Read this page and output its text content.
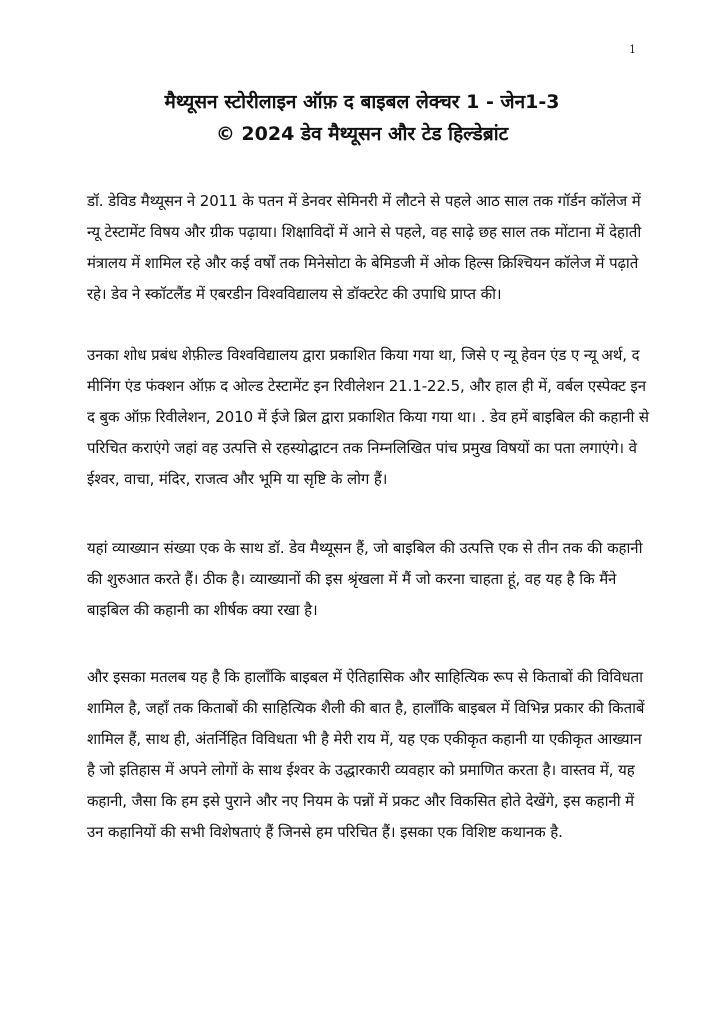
1

मैथ्यूसन स्टोरीलाइन ऑफ़ द बाइबल लेक्चर 1 - जेन1-3

© 2024 डेव मैथ्यूसन और टेड हिल्डेब्रांट

डॉ. डेविड मैथ्यूसन ने 2011 के पतन में डेनवर सेमिनरी में लौटने से पहले आठ साल तक गॉर्डन कॉलेज में न्यू टेस्टामेंट विषय और ग्रीक पढ़ाया। शिक्षाविदों में आने से पहले, वह साढ़े छह साल तक मोंटाना में देहाती मंत्रालय में शामिल रहे और कई वर्षों तक मिनेसोटा के बेमिडजी में ओक हिल्स क्रिश्चियन कॉलेज में पढ़ाते रहे। डेव ने स्कॉटलैंड में एबरडीन विश्वविद्यालय से डॉक्टरेट की उपाधि प्राप्त की।

उनका शोध प्रबंध शेफ़ील्ड विश्वविद्यालय द्वारा प्रकाशित किया गया था, जिसे ए न्यू हेवन एंड ए न्यू अर्थ, द मीनिंग एंड फंक्शन ऑफ़ द ओल्ड टेस्टामेंट इन रिवीलेशन 21.1-22.5, और हाल ही में, वर्बल एस्पेक्ट इन द बुक ऑफ़ रिवीलेशन, 2010 में ईजे ब्रिल द्वारा प्रकाशित किया गया था। . डेव हमें बाइबिल की कहानी से परिचित कराएंगे जहां वह उत्पत्ति से रहस्योद्घाटन तक निम्नलिखित पांच प्रमुख विषयों का पता लगाएंगे। वे ईश्वर, वाचा, मंदिर, राजत्व और भूमि या सृष्टि के लोग हैं।

यहां व्याख्यान संख्या एक के साथ डॉ. डेव मैथ्यूसन हैं, जो बाइबिल की उत्पत्ति एक से तीन तक की कहानी की शुरुआत करते हैं। ठीक है। व्याख्यानों की इस श्रृंखला में मैं जो करना चाहता हूं, वह यह है कि मैंने बाइबिल की कहानी का शीर्षक क्या रखा है।

और इसका मतलब यह है कि हालाँकि बाइबल में ऐतिहासिक और साहित्यिक रूप से किताबों की विविधता शामिल है, जहाँ तक किताबों की साहित्यिक शैली की बात है, हालाँकि बाइबल में विभिन्न प्रकार की किताबें शामिल हैं, साथ ही, अंतर्निहित विविधता भी है मेरी राय में, यह एक एकीकृत कहानी या एकीकृत आख्यान है जो इतिहास में अपने लोगों के साथ ईश्वर के उद्धारकारी व्यवहार को प्रमाणित करता है। वास्तव में, यह कहानी, जैसा कि हम इसे पुराने और नए नियम के पन्नों में प्रकट और विकसित होते देखेंगे, इस कहानी में उन कहानियों की सभी विशेषताएं हैं जिनसे हम परिचित हैं। इसका एक विशिष्ट कथानक है.
